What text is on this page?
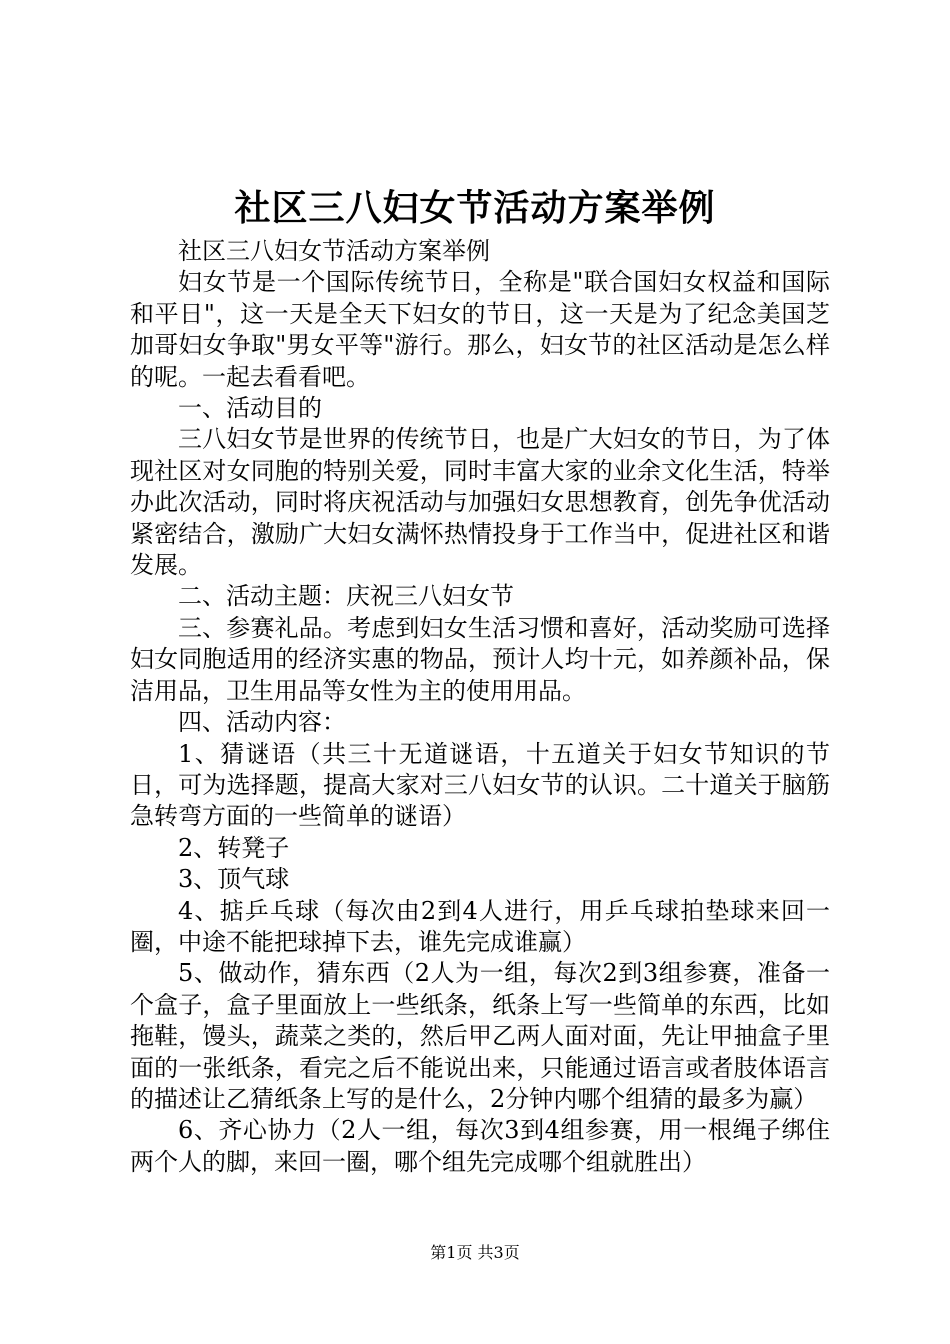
社区三八妇女节活动方案举例

社区三八妇女节活动方案举例

妇女节是一个国际传统节日，全称是"联合国妇女权益和国际和平日"，这一天是全天下妇女的节日，这一天是为了纪念美国芝加哥妇女争取"男女平等"游行。那么，妇女节的社区活动是怎么样的呢。一起去看看吧。

一、活动目的

三八妇女节是世界的传统节日，也是广大妇女的节日，为了体现社区对女同胞的特别关爱，同时丰富大家的业余文化生活，特举办此次活动，同时将庆祝活动与加强妇女思想教育，创先争优活动紧密结合，激励广大妇女满怀热情投身于工作当中，促进社区和谐发展。

二、活动主题：庆祝三八妇女节

三、参赛礼品。考虑到妇女生活习惯和喜好，活动奖励可选择妇女同胞适用的经济实惠的物品，预计人均十元，如养颜补品，保洁用品，卫生用品等女性为主的使用用品。

四、活动内容：

1、猜谜语（共三十无道谜语，十五道关于妇女节知识的节日，可为选择题，提高大家对三八妇女节的认识。二十道关于脑筋急转弯方面的一些简单的谜语）

2、转凳子

3、顶气球

4、掂乒乓球（每次由2到4人进行，用乒乓球拍垫球来回一圈，中途不能把球掉下去，谁先完成谁赢）

5、做动作，猜东西（2人为一组，每次2到3组参赛，准备一个盒子，盒子里面放上一些纸条，纸条上写一些简单的东西，比如拖鞋，馒头，蔬菜之类的，然后甲乙两人面对面，先让甲抽盒子里面的一张纸条，看完之后不能说出来，只能通过语言或者肢体语言的描述让乙猜纸条上写的是什么，2分钟内哪个组猜的最多为赢）

6、齐心协力（2人一组，每次3到4组参赛，用一根绳子绑住两个人的脚，来回一圈，哪个组先完成哪个组就胜出）

第1页 共3页
